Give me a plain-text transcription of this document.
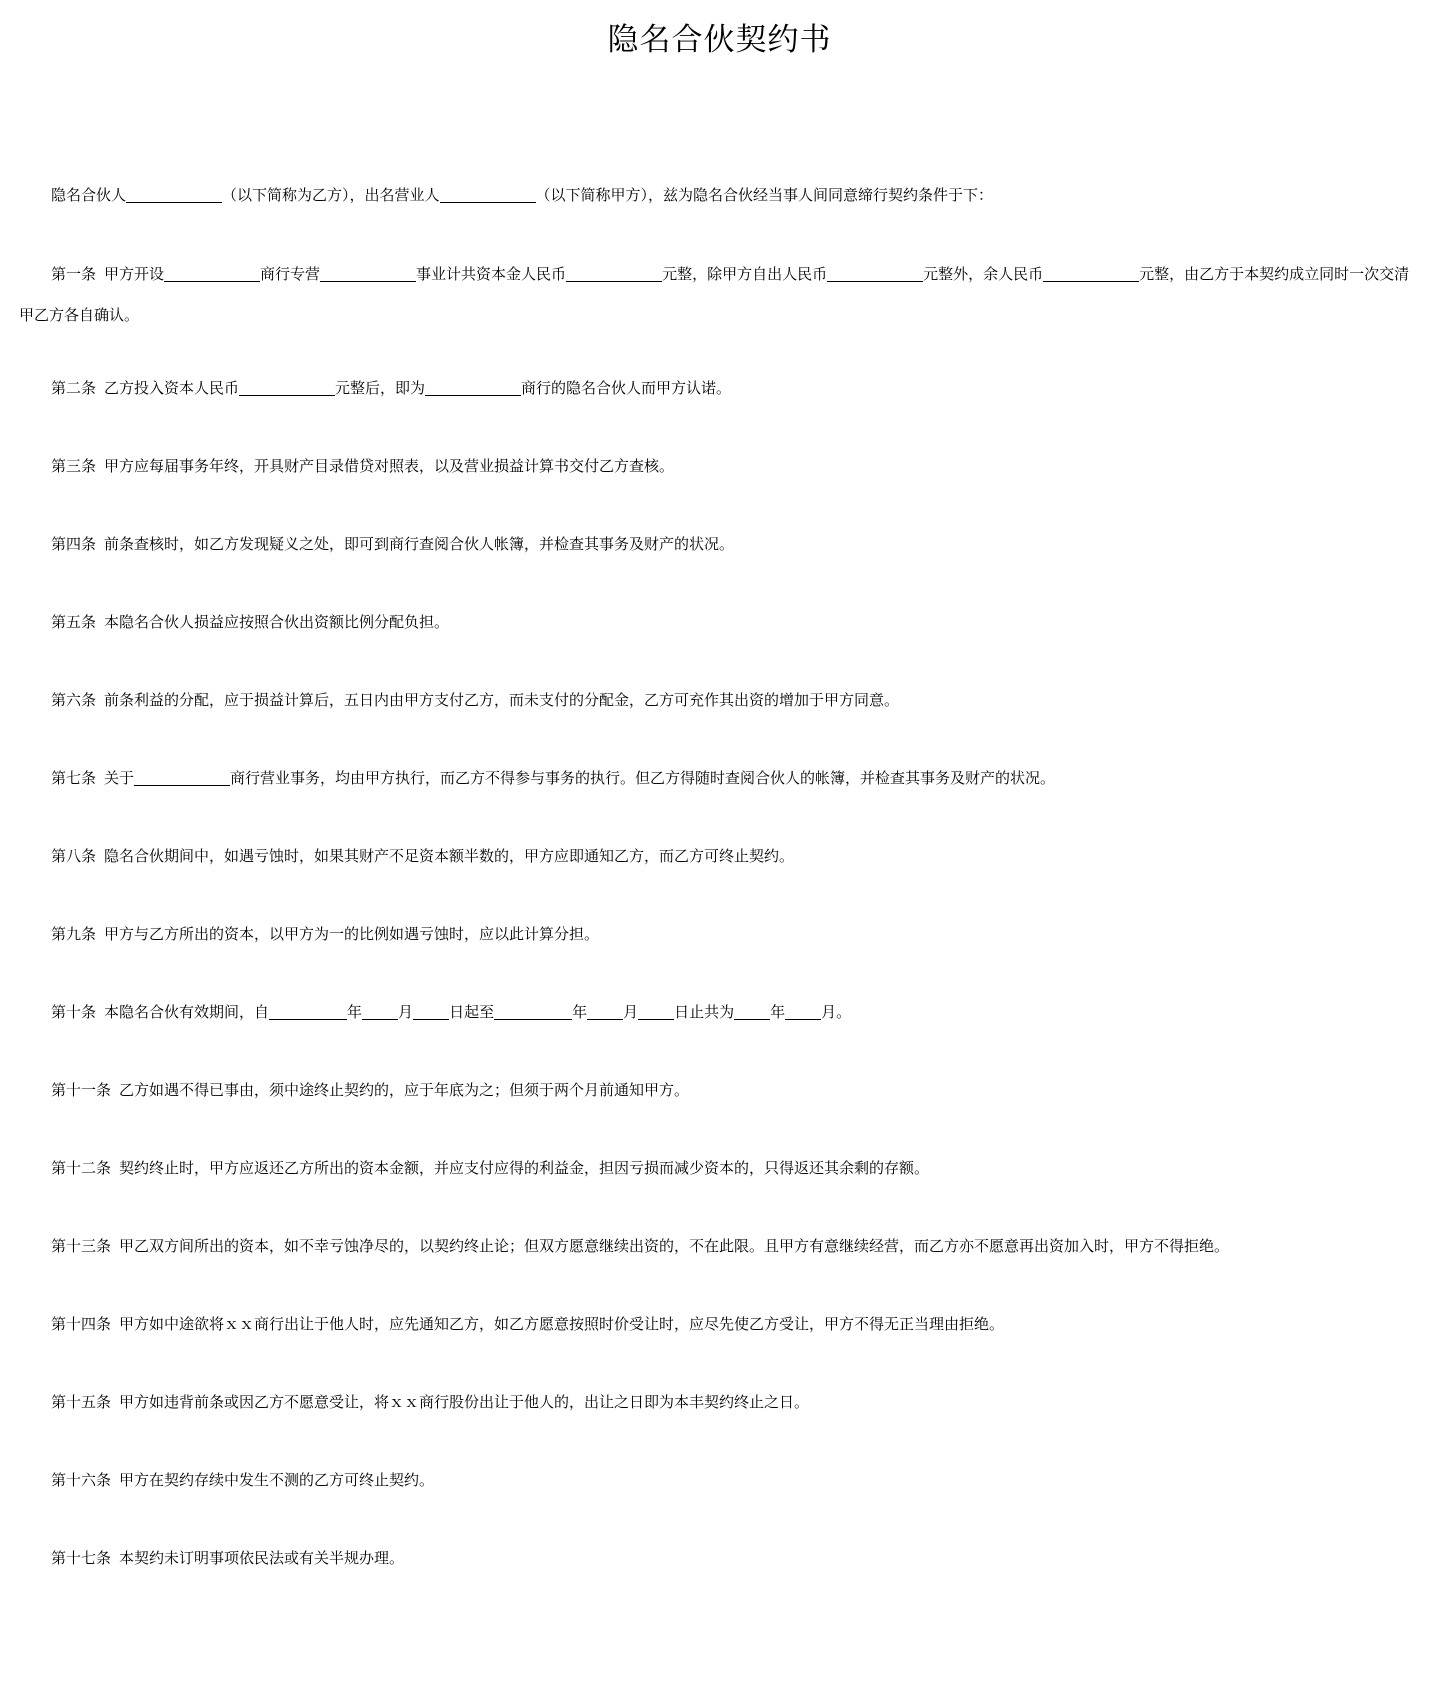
隐名合伙契约书
隐名合伙人	（以下简称为乙方），出名营业人	（以下简称甲方），兹为隐名合伙经当事人间同意缔行契约条件于下：
第一条 甲方开设	商行专营	事业计共资本金人民币	元整，除甲方自出人民币	元整外，余人民币	元整，由乙方于本契约成立同时一次交清甲乙方各自确认。
第二条 乙方投入资本人民币	元整后，即为	商行的隐名合伙人而甲方认诺。
第三条 甲方应每届事务年终，开具财产目录借贷对照表，以及营业损益计算书交付乙方查核。
第四条 前条查核时，如乙方发现疑义之处，即可到商行查阅合伙人帐簿，并检查其事务及财产的状况。
第五条 本隐名合伙人损益应按照合伙出资额比例分配负担。
第六条 前条利益的分配，应于损益计算后，五日内由甲方支付乙方，而未支付的分配金，乙方可充作其出资的增加于甲方同意。
第七条 关于	商行营业事务，均由甲方执行，而乙方不得参与事务的执行。但乙方得随时查阅合伙人的帐簿，并检查其事务及财产的状况。
第八条 隐名合伙期间中，如遇亏蚀时，如果其财产不足资本额半数的，甲方应即通知乙方，而乙方可终止契约。
第九条 甲方与乙方所出的资本，以甲方为一的比例如遇亏蚀时，应以此计算分担。
第十条 本隐名合伙有效期间，自	年 月 日起至	年 月 日止共为 年 月。
第十一条 乙方如遇不得已事由，须中途终止契约的，应于年底为之；但须于两个月前通知甲方。
第十二条 契约终止时，甲方应返还乙方所出的资本金额，并应支付应得的利益金，担因亏损而减少资本的，只得返还其余剩的存额。
第十三条 甲乙双方间所出的资本，如不幸亏蚀净尽的，以契约终止论；但双方愿意继续出资的，不在此限。且甲方有意继续经营，而乙方亦不愿意再出资加入时，甲方不得拒绝。
第十四条 甲方如中途欲将ｘｘ商行出让于他人时，应先通知乙方，如乙方愿意按照时价受让时，应尽先使乙方受让，甲方不得无正当理由拒绝。
第十五条 甲方如违背前条或因乙方不愿意受让，将ｘｘ商行股份出让于他人的，出让之日即为本丰契约终止之日。
第十六条 甲方在契约存续中发生不测的乙方可终止契约。
第十七条 本契约未订明事项依民法或有关半规办理。
